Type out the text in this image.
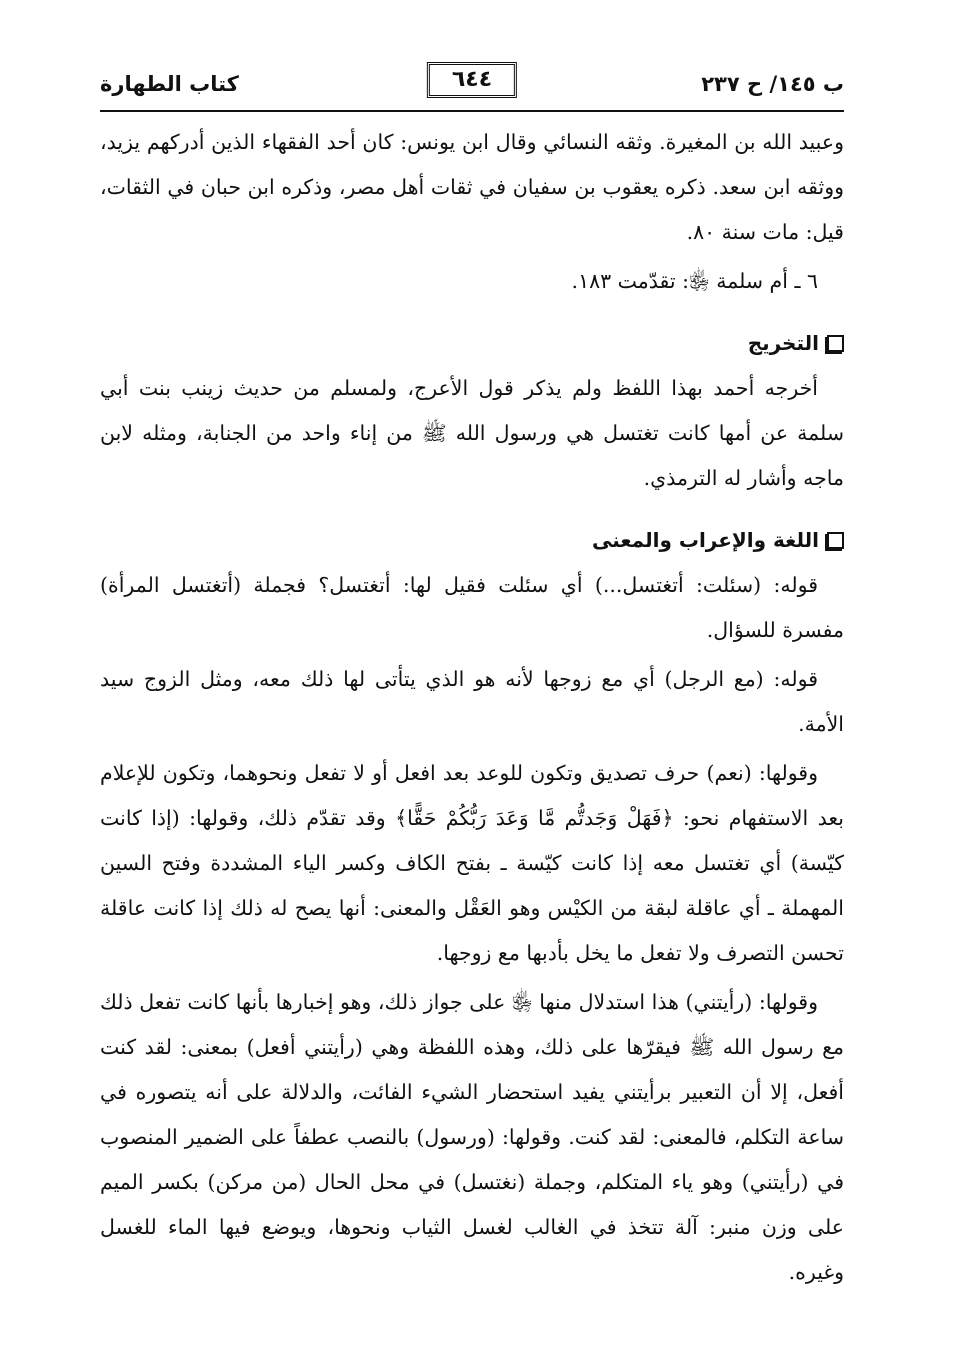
ب ١٤٥/ ح ٢٣٧
٦٤٤
كتاب الطهارة

وعبيد الله بن المغيرة. وثقه النسائي وقال ابن يونس: كان أحد الفقهاء الذين أدركهم يزيد، ووثقه ابن سعد. ذكره يعقوب بن سفيان في ثقات أهل مصر، وذكره ابن حبان في الثقات، قيل: مات سنة ٨٠.

٦ ـ أم سلمة ﵂: تقدّمت ١٨٣.

التخريج

أخرجه أحمد بهذا اللفظ ولم يذكر قول الأعرج، ولمسلم من حديث زينب بنت أبي سلمة عن أمها كانت تغتسل هي ورسول الله ﷺ من إناء واحد من الجنابة، ومثله لابن ماجه وأشار له الترمذي.

اللغة والإعراب والمعنى

قوله: (سئلت: أتغتسل...) أي سئلت فقيل لها: أتغتسل؟ فجملة (أتغتسل المرأة) مفسرة للسؤال.

قوله: (مع الرجل) أي مع زوجها لأنه هو الذي يتأتى لها ذلك معه، ومثل الزوج سيد الأمة.

وقولها: (نعم) حرف تصديق وتكون للوعد بعد افعل أو لا تفعل ونحوهما، وتكون للإعلام بعد الاستفهام نحو: ﴿فَهَلْ وَجَدتُّم مَّا وَعَدَ رَبُّكُمْ حَقًّا﴾ وقد تقدّم ذلك، وقولها: (إذا كانت كيّسة) أي تغتسل معه إذا كانت كيّسة ـ بفتح الكاف وكسر الياء المشددة وفتح السين المهملة ـ أي عاقلة لبقة من الكيْس وهو العَقْل والمعنى: أنها يصح له ذلك إذا كانت عاقلة تحسن التصرف ولا تفعل ما يخل بأدبها مع زوجها.

وقولها: (رأيتني) هذا استدلال منها ﵂ على جواز ذلك، وهو إخبارها بأنها كانت تفعل ذلك مع رسول الله ﷺ فيقرّها على ذلك، وهذه اللفظة وهي (رأيتني أفعل) بمعنى: لقد كنت أفعل، إلا أن التعبير برأيتني يفيد استحضار الشيء الفائت، والدلالة على أنه يتصوره في ساعة التكلم، فالمعنى: لقد كنت. وقولها: (ورسول) بالنصب عطفاً على الضمير المنصوب في (رأيتني) وهو ياء المتكلم، وجملة (نغتسل) في محل الحال (من مركن) بكسر الميم على وزن منبر: آلة تتخذ في الغالب لغسل الثياب ونحوها، ويوضع فيها الماء للغسل وغيره.
